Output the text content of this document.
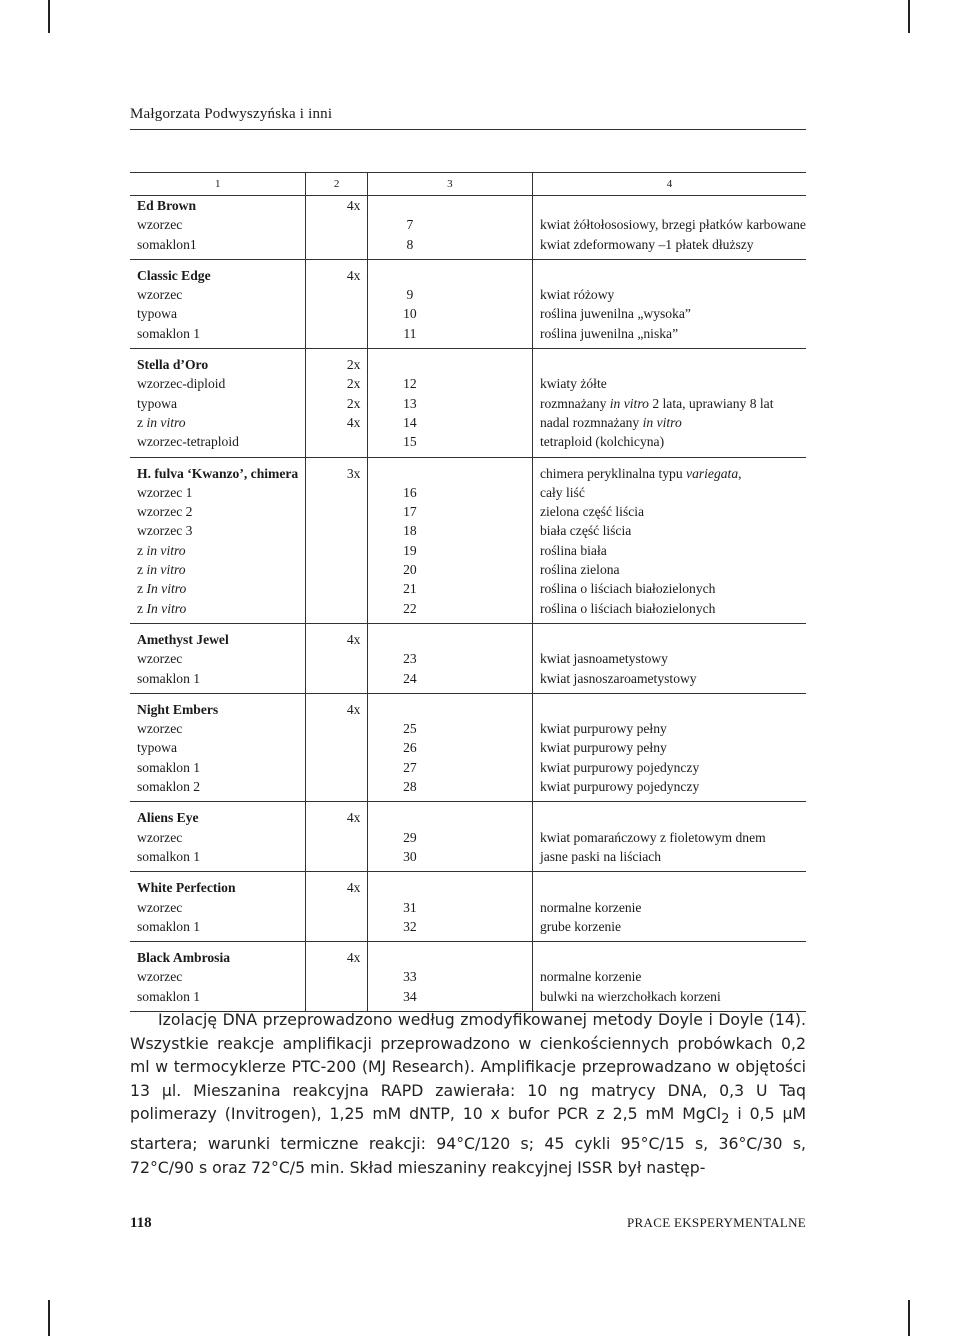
Małgorzata Podwyszyńska i inni
1	2	3	4
Ed Brown	4x		
wzorzec		7	kwiat żółtołososiowy, brzegi płatków karbowane
somaklon1		8	kwiat zdeformowany –1 płatek dłuższy
Classic Edge	4x		
wzorzec		9	kwiat różowy
typowa		10	roślina juwenilna „wysoka”
somaklon 1		11	roślina juwenilna „niska”
Stella d’Oro	2x		
wzorzec-diploid	2x	12	kwiaty żółte
typowa	2x	13	rozmnażany in vitro 2 lata, uprawiany 8 lat
z in vitro	4x	14	nadal rozmnażany in vitro
wzorzec-tetraploid		15	tetraploid (kolchicyna)
H. fulva ‘Kwanzo’, chimera	3x		chimera peryklinalna typu variegata,
wzorzec 1		16	cały liść
wzorzec 2		17	zielona część liścia
wzorzec 3		18	biała część liścia
z in vitro		19	roślina biała
z in vitro		20	roślina zielona
z In vitro		21	roślina o liściach białozielonych
z In vitro		22	roślina o liściach białozielonych
Amethyst Jewel	4x		
wzorzec		23	kwiat jasnoametystowy
somaklon 1		24	kwiat jasnoszaroametystowy
Night Embers	4x		
wzorzec		25	kwiat purpurowy pełny
typowa		26	kwiat purpurowy pełny
somaklon 1		27	kwiat purpurowy pojedynczy
somaklon 2		28	kwiat purpurowy pojedynczy
Aliens Eye	4x		
wzorzec		29	kwiat pomarańczowy z fioletowym dnem
somalkon 1		30	jasne paski na liściach
White Perfection	4x		
wzorzec		31	normalne korzenie
somaklon 1		32	grube korzenie
Black Ambrosia	4x		
wzorzec		33	normalne korzenie
somaklon 1		34	bulwki na wierzchołkach korzeni

Izolację DNA przeprowadzono według zmodyfikowanej metody Doyle i Doyle (14). Wszystkie reakcje amplifikacji przeprowadzono w cienkościennych probówkach 0,2 ml w termocyklerze PTC-200 (MJ Research). Amplifikacje przeprowadzano w objętości 13 µl. Mieszanina reakcyjna RAPD zawierała: 10 ng matrycy DNA, 0,3 U Taq polimerazy (Invitrogen), 1,25 mM dNTP, 10 x bufor PCR z 2,5 mM MgCl$_2$ i 0,5 µM startera; warunki termiczne reakcji: 94°C/120 s; 45 cykli 95°C/15 s, 36°C/30 s, 72°C/90 s oraz 72°C/5 min. Skład mieszaniny reakcyjnej ISSR był następ-

118	PRACE EKSPERYMENTALNE
